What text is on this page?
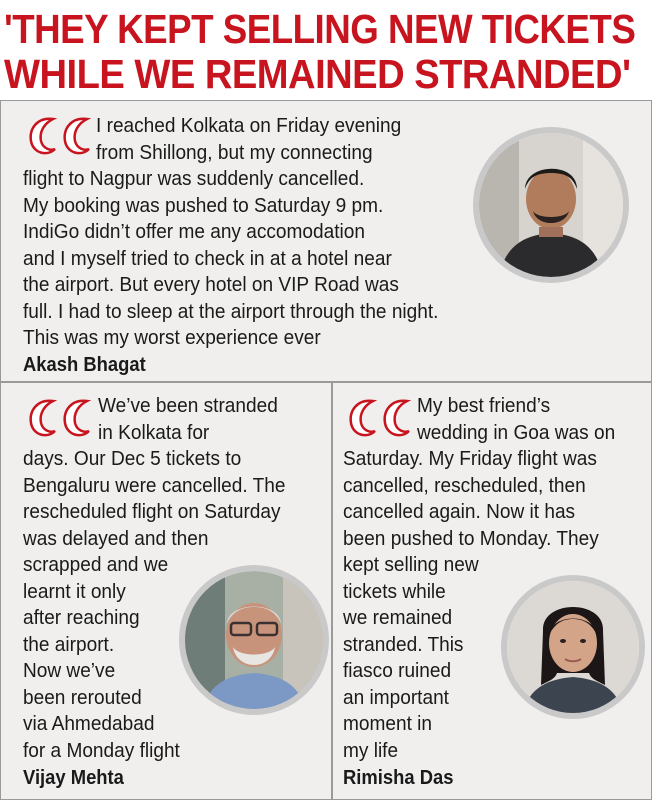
'THEY KEPT SELLING NEW TICKETS
WHILE WE REMAINED STRANDED'
I reached Kolkata on Friday evening
from Shillong, but my connecting
flight to Nagpur was suddenly cancelled.
My booking was pushed to Saturday 9 pm.
IndiGo didn’t offer me any accomodation
and I myself tried to check in at a hotel near
the airport. But every hotel on VIP Road was
full. I had to sleep at the airport through the night.
This was my worst experience ever
Akash Bhagat
We’ve been stranded
in Kolkata for
days. Our Dec 5 tickets to
Bengaluru were cancelled. The
rescheduled flight on Saturday
was delayed and then
scrapped and we
learnt it only
after reaching
the airport.
Now we’ve
been rerouted
via Ahmedabad
for a Monday flight
Vijay Mehta
My best friend’s
wedding in Goa was on
Saturday. My Friday flight was
cancelled, rescheduled, then
cancelled again. Now it has
been pushed to Monday. They
kept selling new
tickets while
we remained
stranded. This
fiasco ruined
an important
moment in
my life
Rimisha Das
